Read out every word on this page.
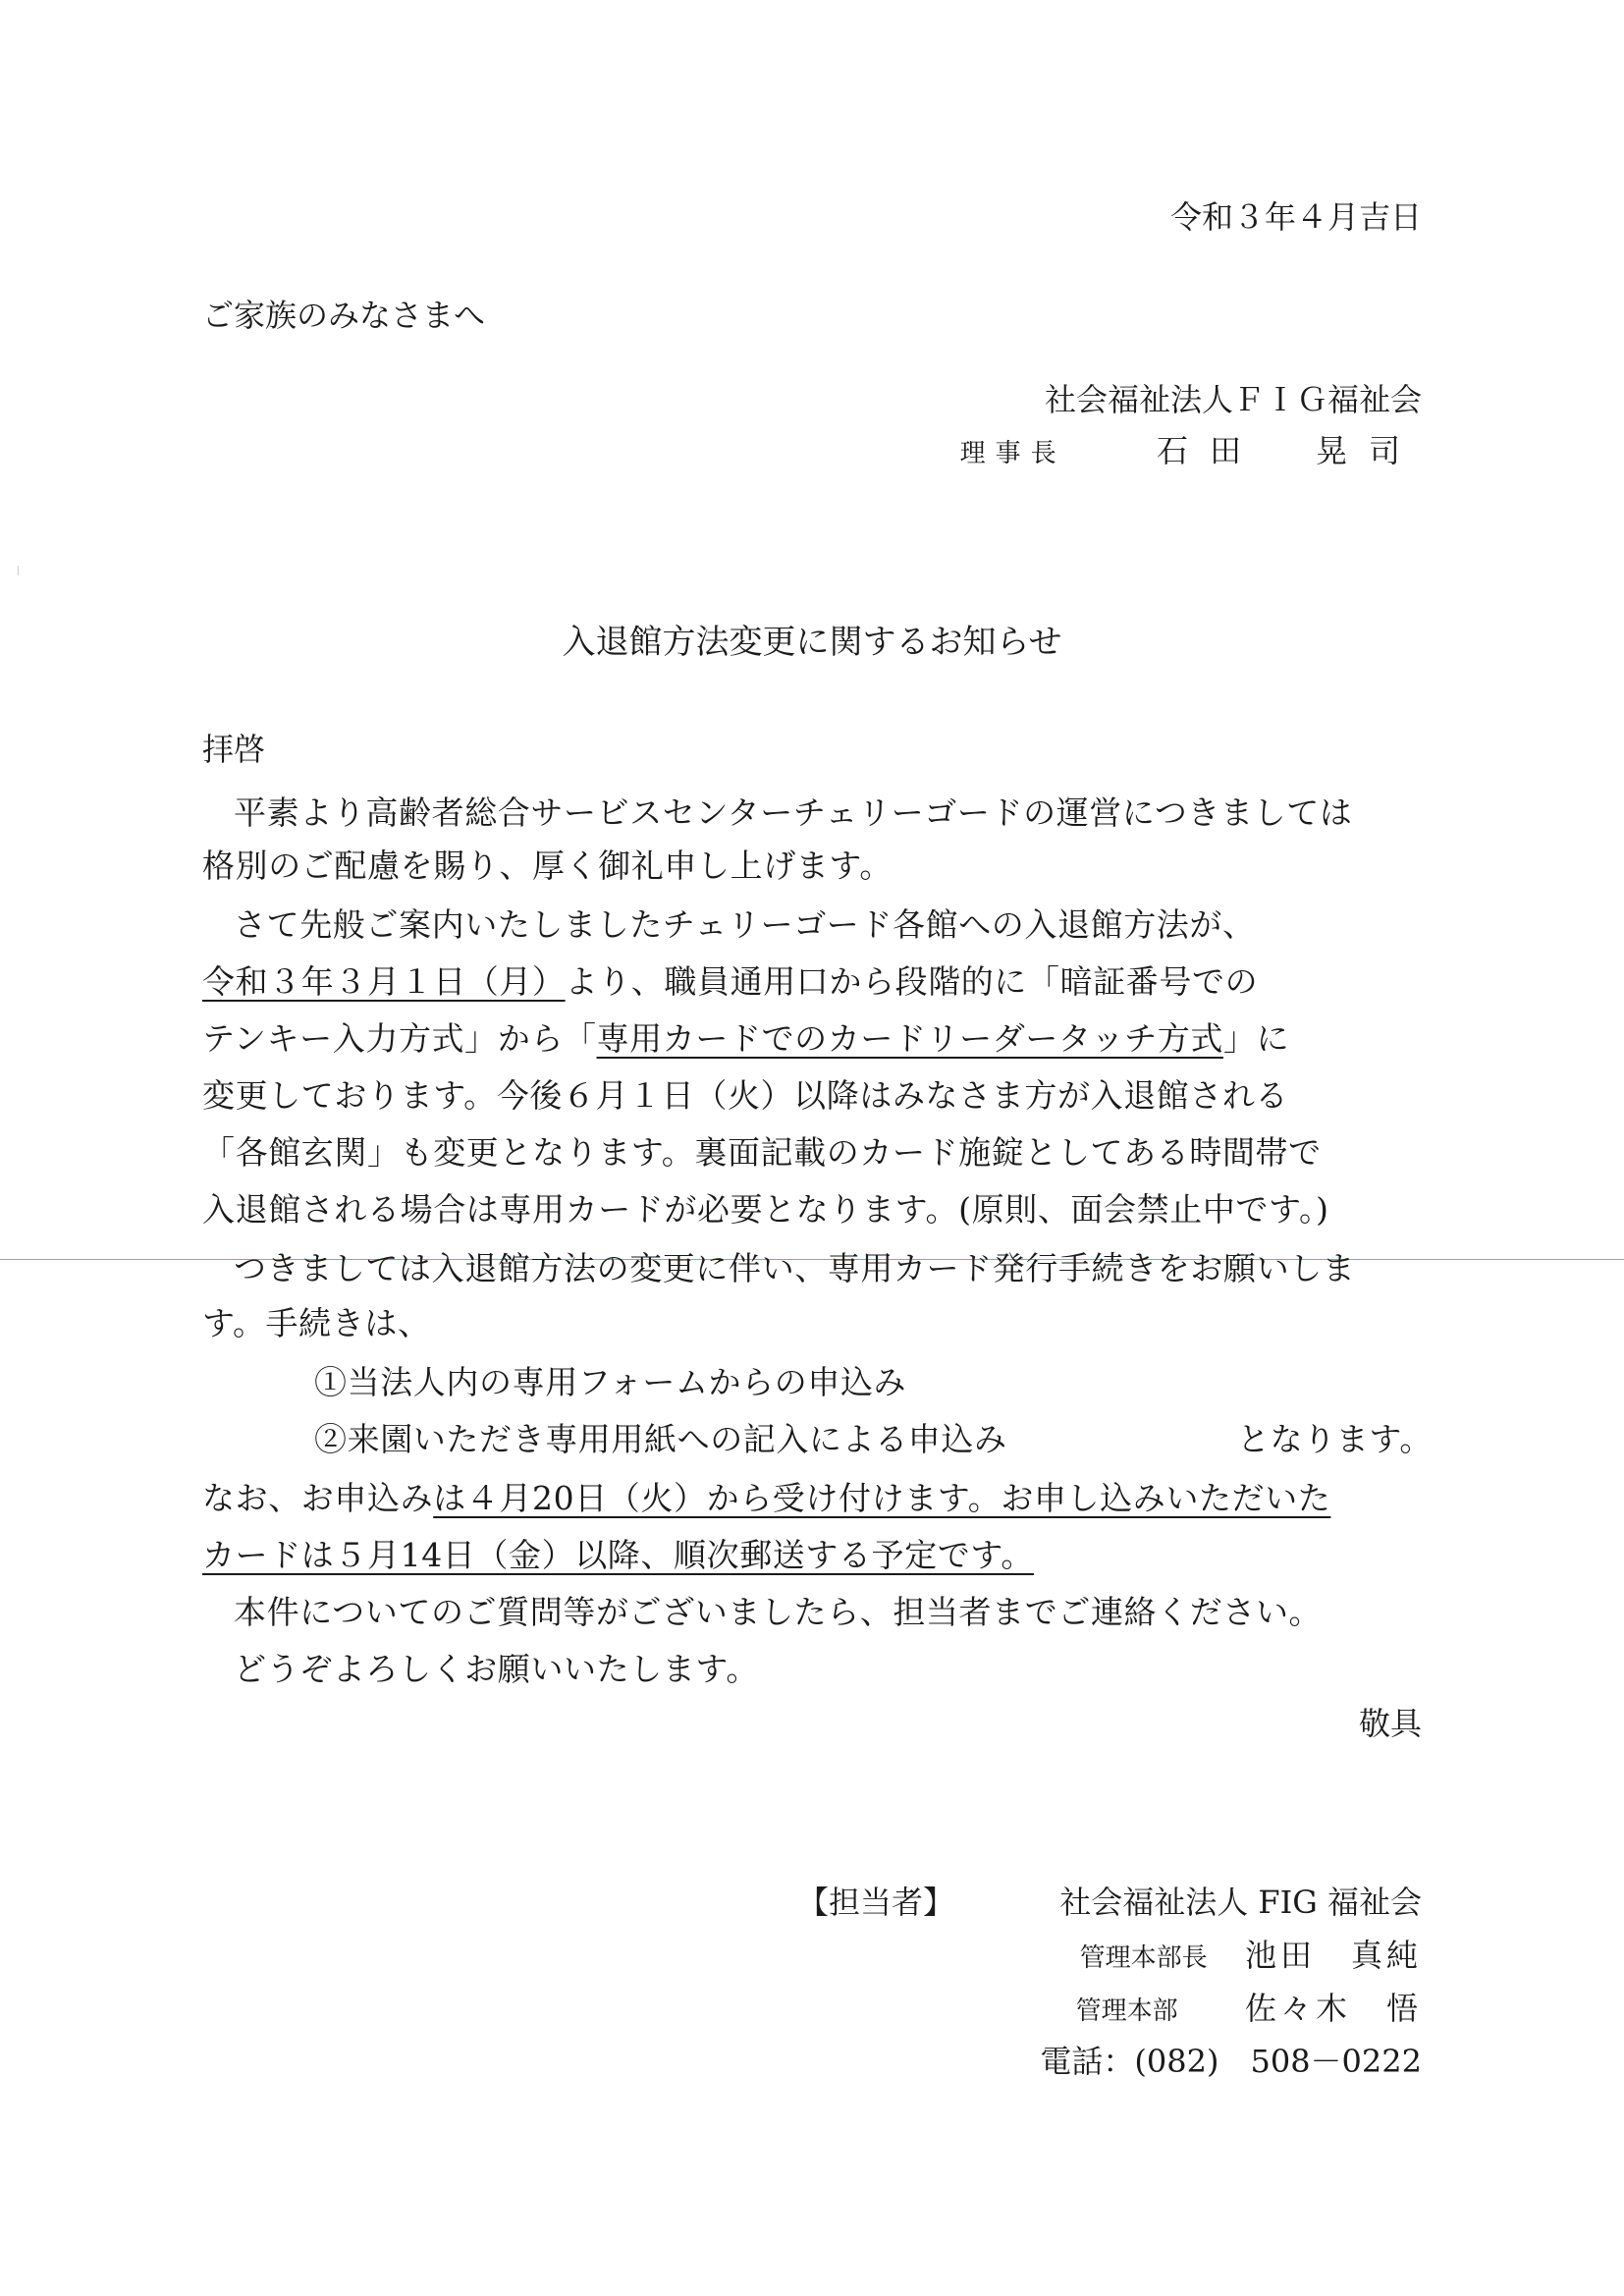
令和３年４月吉日
ご家族のみなさまへ
社会福祉法人ＦＩＧ福祉会
理事長	石田　晃司
入退館方法変更に関するお知らせ
拝啓
平素より高齢者総合サービスセンターチェリーゴードの運営につきましては
格別のご配慮を賜り、厚く御礼申し上げます。
さて先般ご案内いたしましたチェリーゴード各館への入退館方法が、
令和３年３月１日（月）より、職員通用口から段階的に「暗証番号での
テンキー入力方式」から「専用カードでのカードリーダータッチ方式」に
変更しております。今後６月１日（火）以降はみなさま方が入退館される
「各館玄関」も変更となります。裏面記載のカード施錠としてある時間帯で
入退館される場合は専用カードが必要となります。(原則、面会禁止中です。)
つきましては入退館方法の変更に伴い、専用カード発行手続きをお願いしま
す。手続きは、
①当法人内の専用フォームからの申込み
②来園いただき専用用紙への記入による申込み	となります。
なお、お申込みは４月20日（火）から受け付けます。お申し込みいただいた
カードは５月14日（金）以降、順次郵送する予定です。
本件についてのご質問等がございましたら、担当者までご連絡ください。
どうぞよろしくお願いいたします。
敬具
【担当者】	社会福祉法人 FIG 福祉会
管理本部長 池田　真純
管理本部 佐々木　悟
電話：(082)　508－0222
